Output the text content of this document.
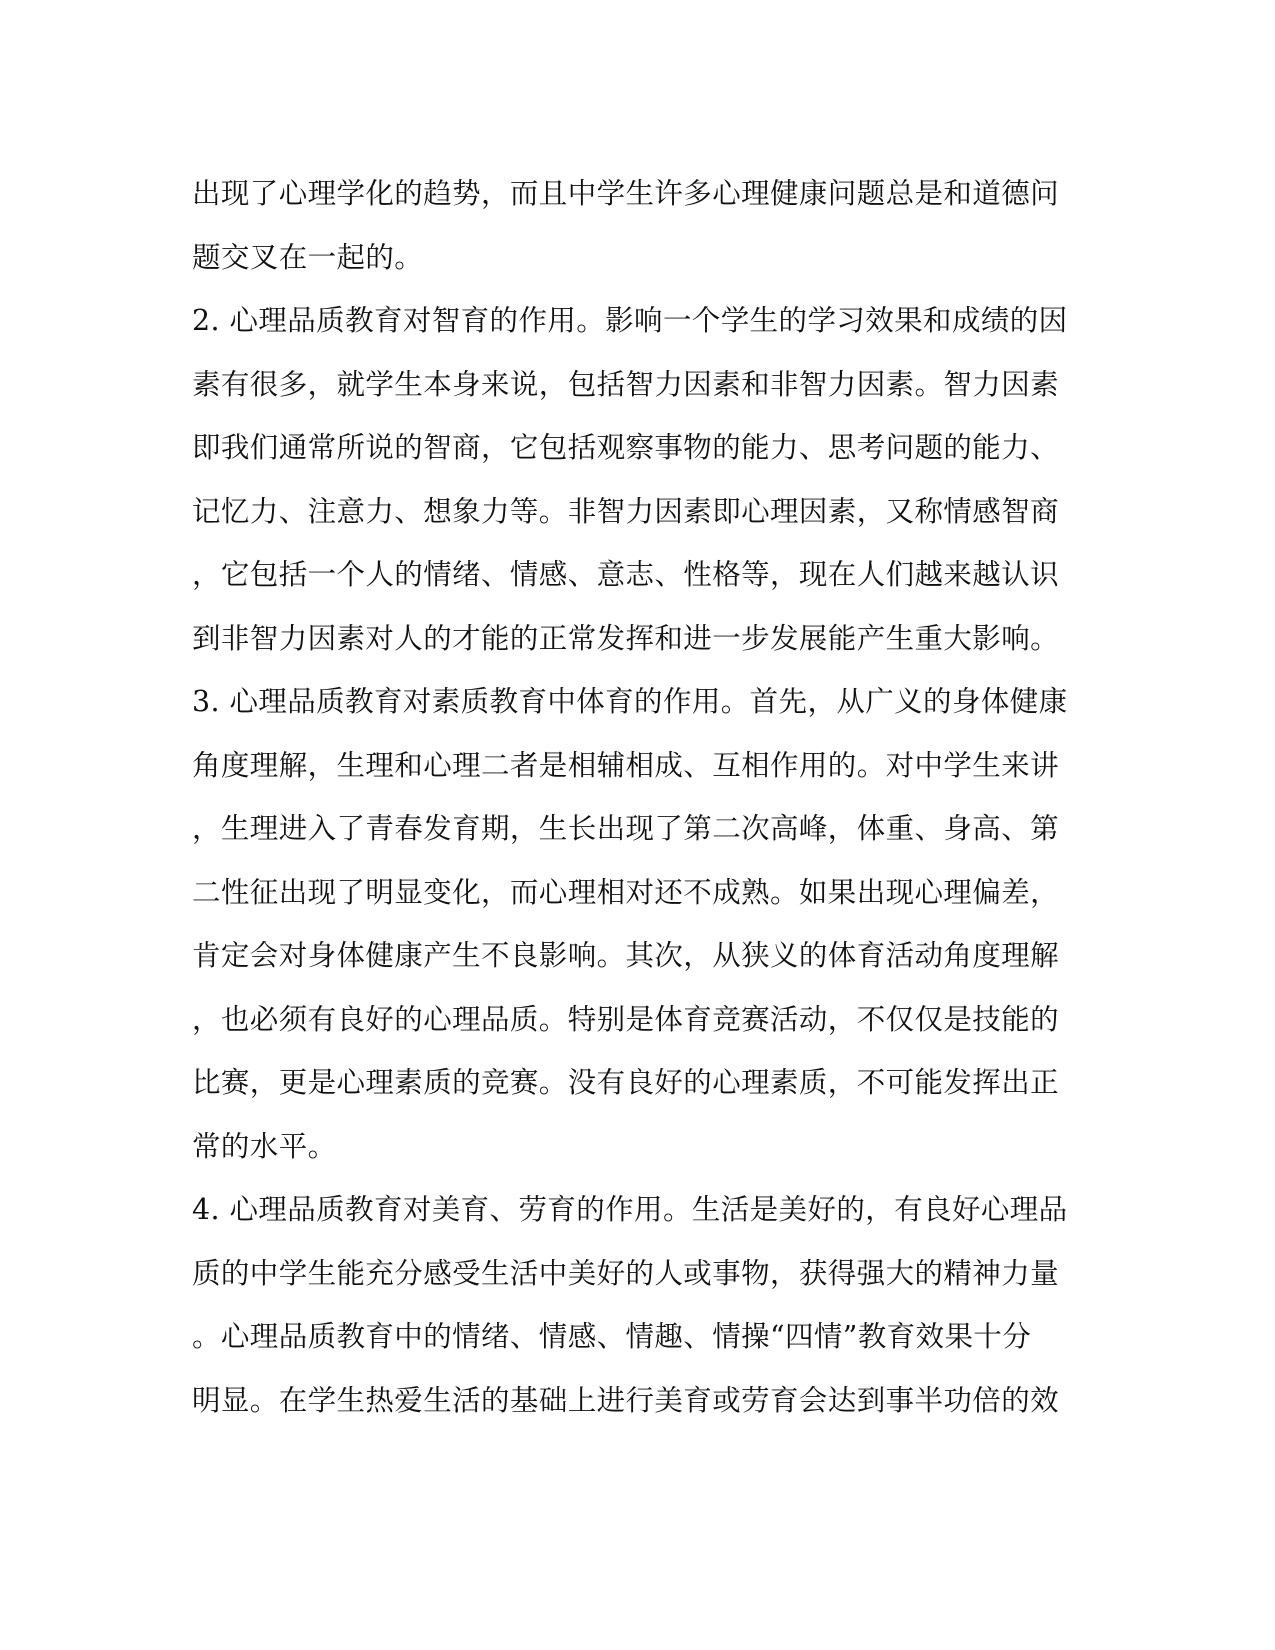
出现了心理学化的趋势，而且中学生许多心理健康问题总是和道德问
题交叉在一起的。
2. 心理品质教育对智育的作用。影响一个学生的学习效果和成绩的因
素有很多，就学生本身来说，包括智力因素和非智力因素。智力因素
即我们通常所说的智商，它包括观察事物的能力、思考问题的能力、
记忆力、注意力、想象力等。非智力因素即心理因素，又称情感智商
，它包括一个人的情绪、情感、意志、性格等，现在人们越来越认识
到非智力因素对人的才能的正常发挥和进一步发展能产生重大影响。
3. 心理品质教育对素质教育中体育的作用。首先，从广义的身体健康
角度理解，生理和心理二者是相辅相成、互相作用的。对中学生来讲
，生理进入了青春发育期，生长出现了第二次高峰，体重、身高、第
二性征出现了明显变化，而心理相对还不成熟。如果出现心理偏差，
肯定会对身体健康产生不良影响。其次，从狭义的体育活动角度理解
，也必须有良好的心理品质。特别是体育竞赛活动，不仅仅是技能的
比赛，更是心理素质的竞赛。没有良好的心理素质，不可能发挥出正
常的水平。
4. 心理品质教育对美育、劳育的作用。生活是美好的，有良好心理品
质的中学生能充分感受生活中美好的人或事物，获得强大的精神力量
。心理品质教育中的情绪、情感、情趣、情操“四情”教育效果十分
明显。在学生热爱生活的基础上进行美育或劳育会达到事半功倍的效
